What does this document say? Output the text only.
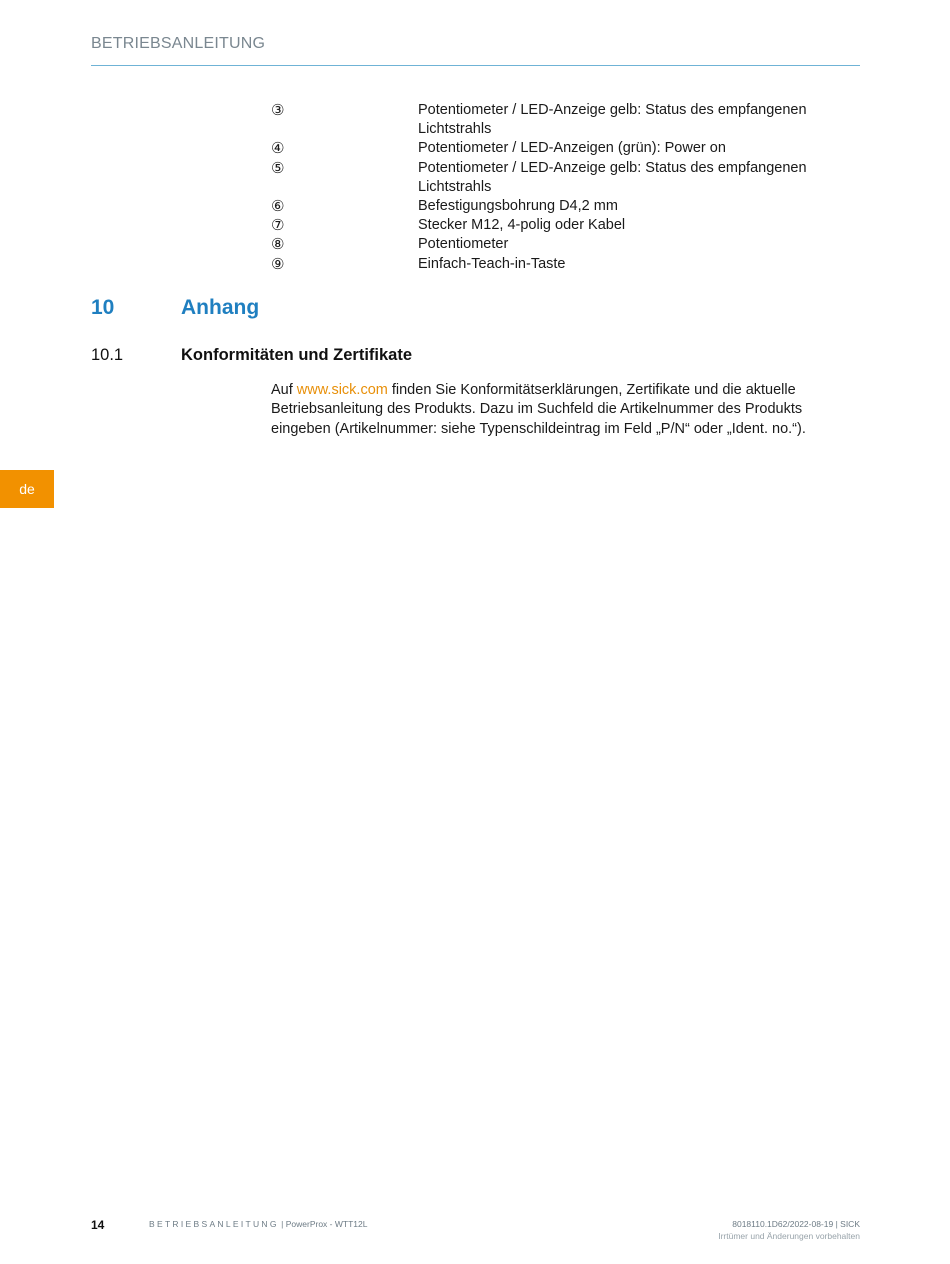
BETRIEBSANLEITUNG
③	Potentiometer / LED-Anzeige gelb: Status des empfangenen Lichtstrahls
④	Potentiometer / LED-Anzeigen (grün): Power on
⑤	Potentiometer / LED-Anzeige gelb: Status des empfangenen Lichtstrahls
⑥	Befestigungsbohrung D4,2 mm
⑦	Stecker M12, 4-polig oder Kabel
⑧	Potentiometer
⑨	Einfach-Teach-in-Taste
10	Anhang
10.1	Konformitäten und Zertifikate

Auf www.sick.com finden Sie Konformitätserklärungen, Zertifikate und die aktuelle Betriebsanleitung des Produkts. Dazu im Suchfeld die Artikelnummer des Produkts eingeben (Artikelnummer: siehe Typenschildeintrag im Feld „P/N“ oder „Ident. no.“).

de
14	BETRIEBSANLEITUNG | PowerProx - WTT12L	8018110.1D62/2022-08-19 | SICK
Irrtümer und Änderungen vorbehalten
